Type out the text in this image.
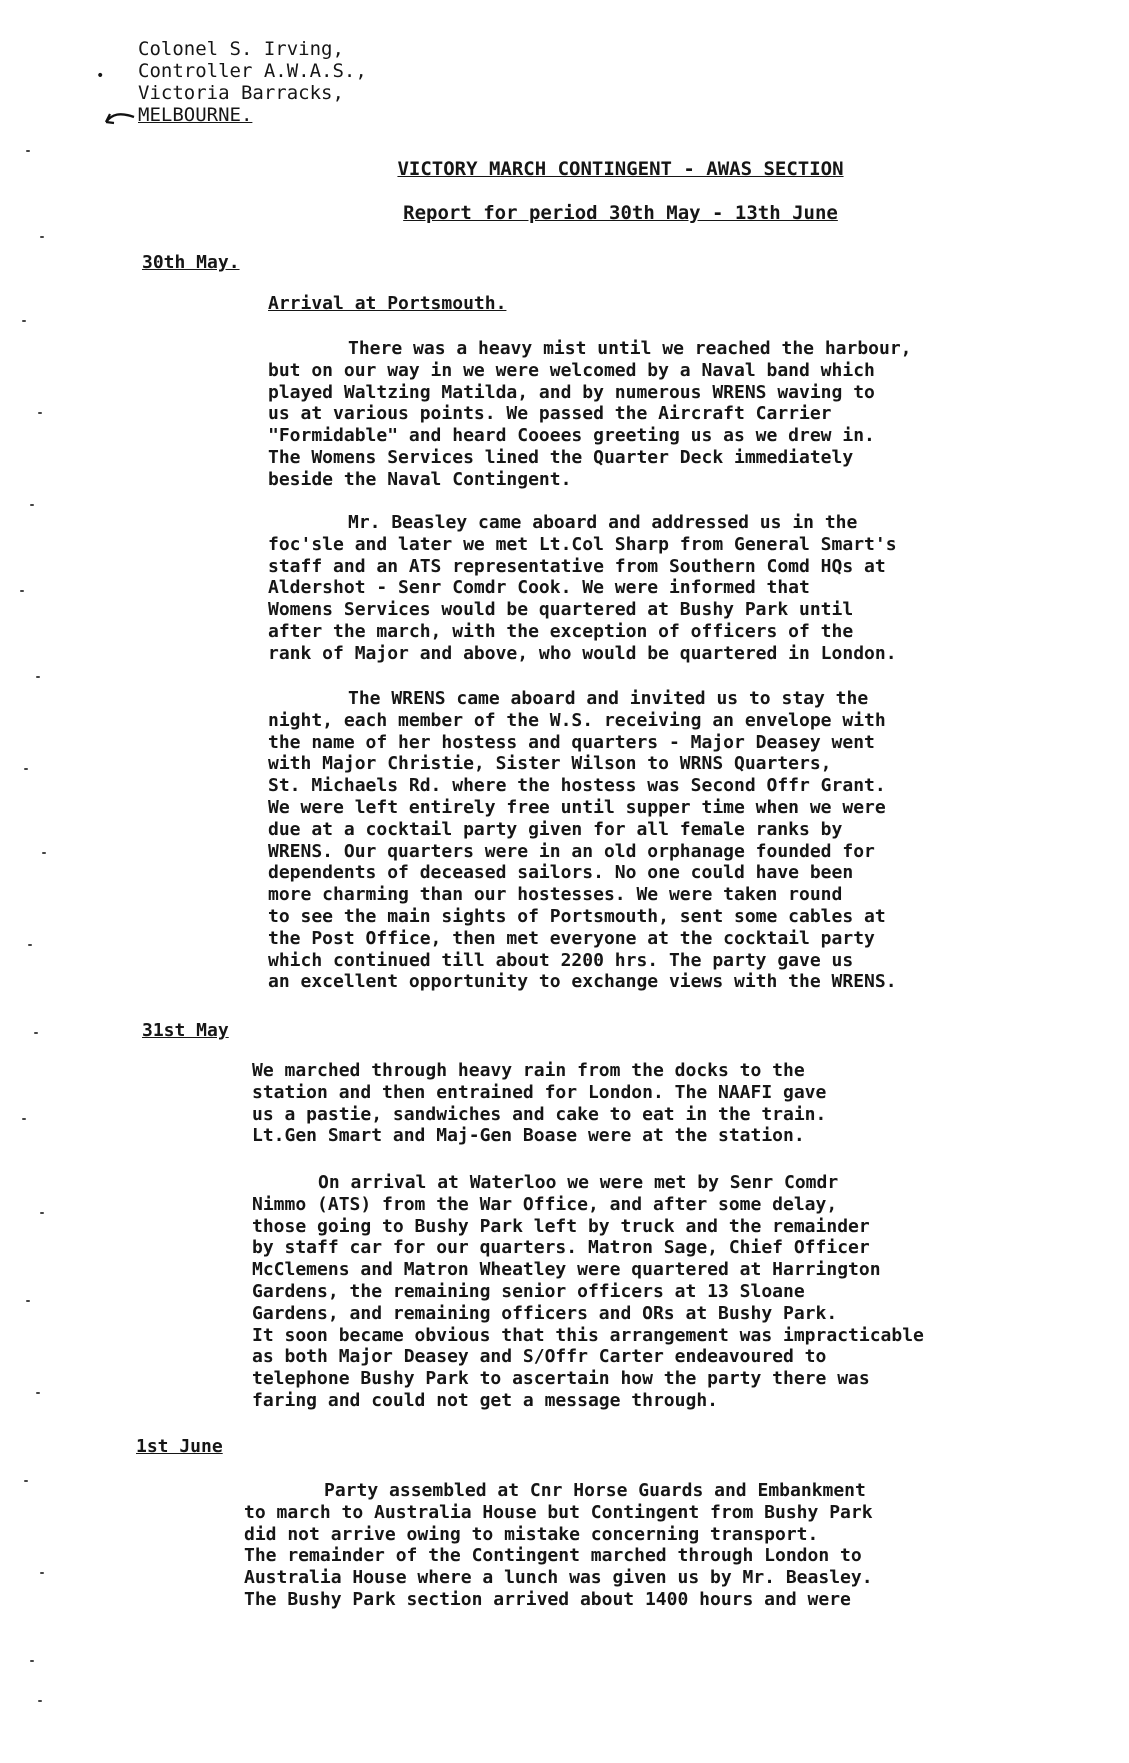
Colonel S. Irving,
Controller A.W.A.S.,
Victoria Barracks,
MELBOURNE.
•
VICTORY MARCH CONTINGENT - AWAS SECTION
Report for period 30th May - 13th June
30th May.
Arrival at Portsmouth.
There was a heavy mist until we reached the harbour,
but on our way in we were welcomed by a Naval band which
played Waltzing Matilda, and by numerous WRENS waving to
us at various points. We passed the Aircraft Carrier
"Formidable" and heard Cooees greeting us as we drew in.
The Womens Services lined the Quarter Deck immediately
beside the Naval Contingent.
Mr. Beasley came aboard and addressed us in the
foc'sle and later we met Lt.Col Sharp from General Smart's
staff and an ATS representative from Southern Comd HQs at
Aldershot - Senr Comdr Cook. We were informed that
Womens Services would be quartered at Bushy Park until
after the march, with the exception of officers of the
rank of Major and above, who would be quartered in London.
The WRENS came aboard and invited us to stay the
night, each member of the W.S. receiving an envelope with
the name of her hostess and quarters - Major Deasey went
with Major Christie, Sister Wilson to WRNS Quarters,
St. Michaels Rd. where the hostess was Second Offr Grant.
We were left entirely free until supper time when we were
due at a cocktail party given for all female ranks by
WRENS. Our quarters were in an old orphanage founded for
dependents of deceased sailors. No one could have been
more charming than our hostesses. We were taken round
to see the main sights of Portsmouth, sent some cables at
the Post Office, then met everyone at the cocktail party
which continued till about 2200 hrs. The party gave us
an excellent opportunity to exchange views with the WRENS.
31st May
We marched through heavy rain from the docks to the
station and then entrained for London. The NAAFI gave
us a pastie, sandwiches and cake to eat in the train.
Lt.Gen Smart and Maj-Gen Boase were at the station.
On arrival at Waterloo we were met by Senr Comdr
Nimmo (ATS) from the War Office, and after some delay,
those going to Bushy Park left by truck and the remainder
by staff car for our quarters. Matron Sage, Chief Officer
McClemens and Matron Wheatley were quartered at Harrington
Gardens, the remaining senior officers at 13 Sloane
Gardens, and remaining officers and ORs at Bushy Park.
It soon became obvious that this arrangement was impracticable
as both Major Deasey and S/Offr Carter endeavoured to
telephone Bushy Park to ascertain how the party there was
faring and could not get a message through.
1st June
Party assembled at Cnr Horse Guards and Embankment
to march to Australia House but Contingent from Bushy Park
did not arrive owing to mistake concerning transport.
The remainder of the Contingent marched through London to
Australia House where a lunch was given us by Mr. Beasley.
The Bushy Park section arrived about 1400 hours and were
